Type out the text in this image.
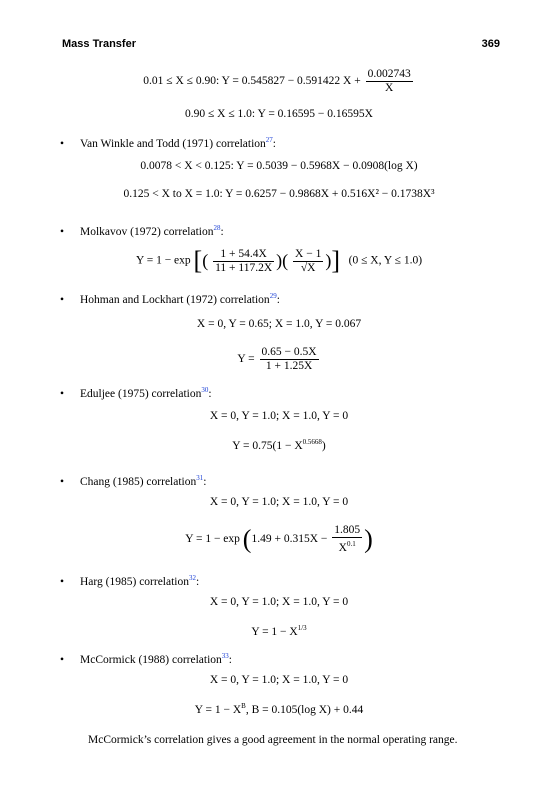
Mass Transfer	369
0.01 ≤ X ≤ 0.90: Y = 0.545827 − 0.591422 $X + \frac{0.002743}{X}$
0.90 ≤ X ≤ 1.0: Y = 0.16595 − 0.16595X
• Van Winkle and Todd (1971) correlation$^{27}$:
0.0078 < X < 0.125: Y = 0.5039 − 0.5968X − 0.0908(log X)
0.125 < X to X = 1.0: Y = 0.6257 − 0.9868X + 0.516X² − 0.1738X³
• Molkavov (1972) correlation$^{28}$:
Y = 1 − exp [( $\frac{1 + 54.4X}{11 + 117.2X}$ )( $\frac{X - 1}{√X}$ )] (0 ≤ X, Y ≤ 1.0)
• Hohman and Lockhart (1972) correlation$^{29}$:
X = 0, Y = 0.65; X = 1.0, Y = 0.067
$Y = \frac{0.65 - 0.5X}{1 + 1.25X}$
• Eduljee (1975) correlation$^{30}$:
X = 0, Y = 1.0; X = 1.0, Y = 0
$Y = 0.75(1 - X^{0.5668})$
• Chang (1985) correlation$^{31}$:
X = 0, Y = 1.0; X = 1.0, Y = 0
$Y = 1 - \exp (1.49 + 0.315X - \frac{1.805}{X^{0.1}}$ )
• Harg (1985) correlation$^{32}$:
X = 0, Y = 1.0; X = 1.0, Y = 0
$Y = 1 - X^{1/3}$
• McCormick (1988) correlation$^{33}$:
X = 0, Y = 1.0; X = 1.0, Y = 0
$Y = 1 - X^B$, B = 0.105(log X) + 0.44
McCormick’s correlation gives a good agreement in the normal operating range.
